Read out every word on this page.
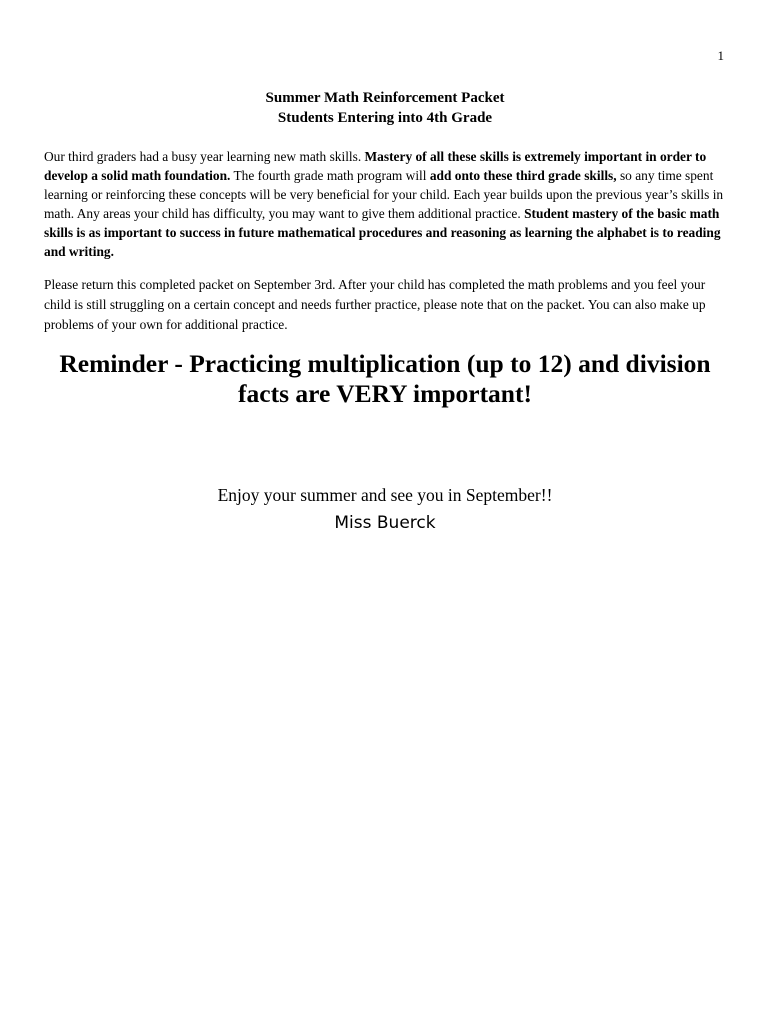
1
Summer Math Reinforcement Packet
Students Entering into 4th Grade

Our third graders had a busy year learning new math skills. Mastery of all these skills is extremely important in order to develop a solid math foundation. The fourth grade math program will add onto these third grade skills, so any time spent learning or reinforcing these concepts will be very beneficial for your child. Each year builds upon the previous year’s skills in math. Any areas your child has difficulty, you may want to give them additional practice. Student mastery of the basic math skills is as important to success in future mathematical procedures and reasoning as learning the alphabet is to reading and writing.

Please return this completed packet on September 3rd. After your child has completed the math problems and you feel your child is still struggling on a certain concept and needs further practice, please note that on the packet. You can also make up problems of your own for additional practice.

Reminder - Practicing multiplication (up to 12) and division facts are VERY important!
Enjoy your summer and see you in September!!
Miss Buerck
